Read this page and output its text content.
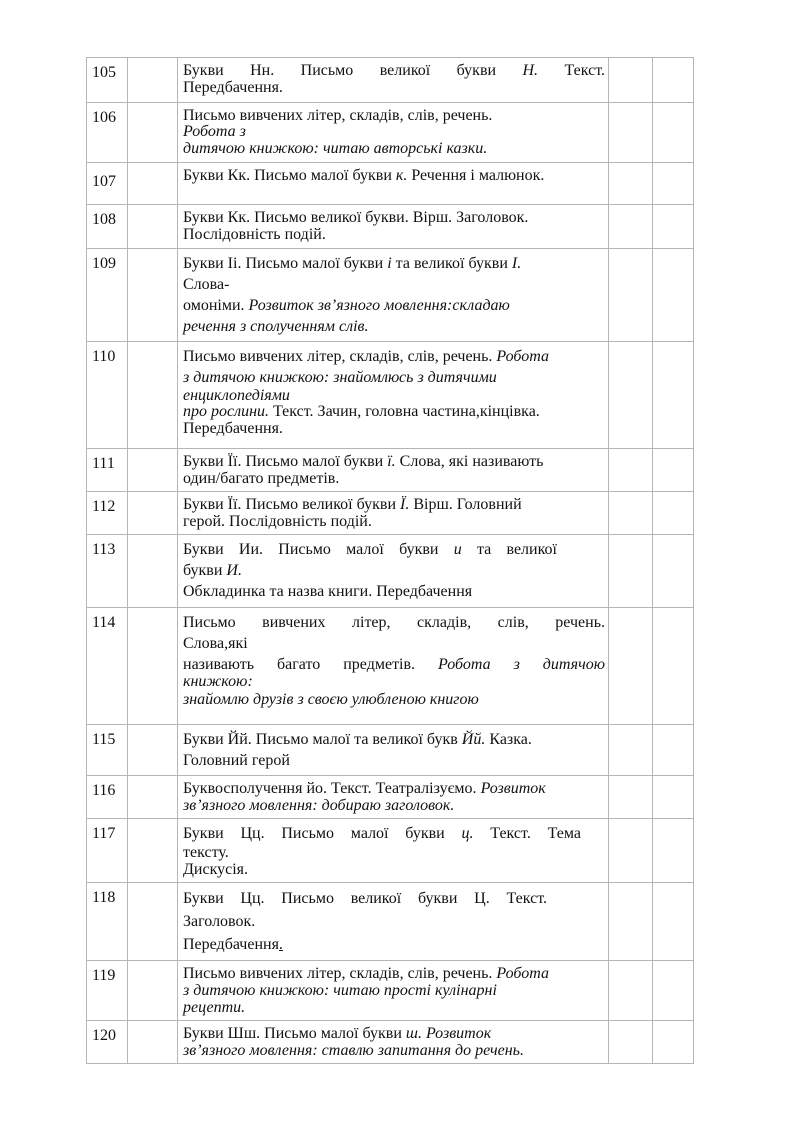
105		Букви Нн. Письмо великої букви Н. Текст.
Передбачення.		

106		Письмо вивчених літер, складів, слів, речень.
Робота з
дитячою книжкою: читаю авторські казки.		

107		Букви Кк. Письмо малої букви к. Речення і малюнок.		

108		Букви Кк. Письмо великої букви. Вірш. Заголовок.
Послідовність подій.		

109		Букви Іі. Письмо малої букви і та великої букви І.
Слова-
омоніми. Розвиток зв’язного мовлення:складаю
речення з сполученням слів.		

110		Письмо вивчених літер, складів, слів, речень. Робота
з дитячою книжкою: знайомлюсь з дитячими
енциклопедіями
про рослини. Текст. Зачин, головна частина,кінцівка.
Передбачення.		

111		Букви Її. Письмо малої букви ї. Слова, які називають
один/багато предметів.		

112		Букви Її. Письмо великої букви Ї. Вірш. Головний
герой. Послідовність подій.		

113		Букви Ии. Письмо малої букви и та великої
букви И.
Обкладинка та назва книги. Передбачення		

114		Письмо вивчених літер, складів, слів, речень.
Слова,які
називають багато предметів. Робота з дитячою
книжкою:
знайомлю друзів з своєю улюбленою книгою		

115		Букви Йй. Письмо малої та великої букв Йй. Казка.
Головний герой		

116		Буквосполучення йо. Текст. Театралізуємо. Розвиток
зв’язного мовлення: добираю заголовок.		

117		Букви Цц. Письмо малої букви ц. Текст. Тема
тексту.
Дискусія.		

118		Букви Цц. Письмо великої букви Ц. Текст.
Заголовок.
Передбачення.		

119		Письмо вивчених літер, складів, слів, речень. Робота
з дитячою книжкою: читаю прості кулінарні
рецепти.		

120		Букви Шш. Письмо малої букви ш. Розвиток
зв’язного мовлення: ставлю запитання до речень.		
